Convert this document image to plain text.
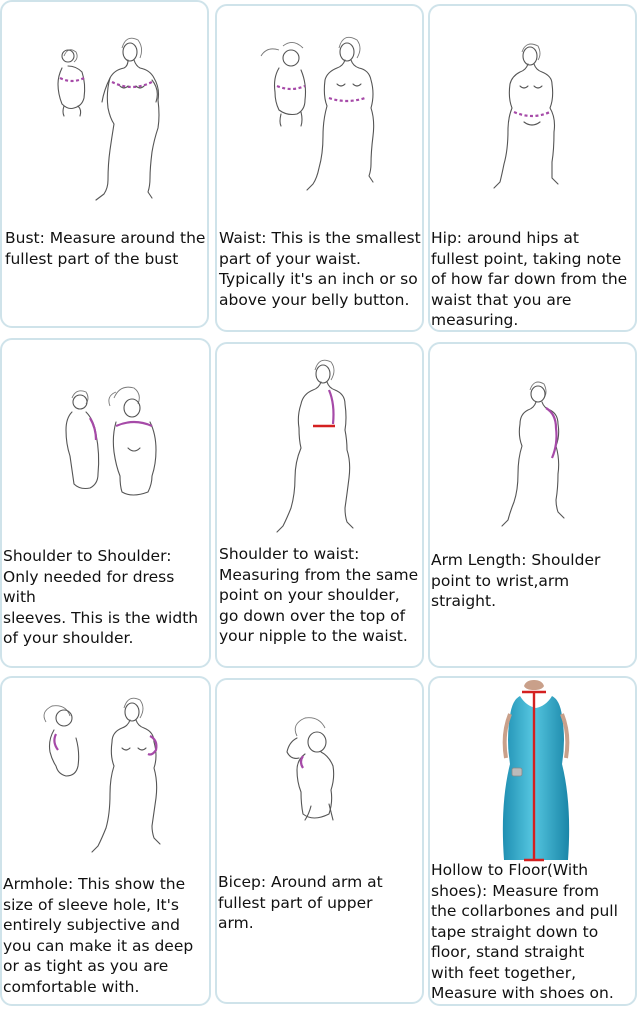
Bust: Measure around the
fullest part of the bust

Waist: This is the smallest
part of your waist.
Typically it's an inch or so
above your belly button.

Hip: around hips at
fullest point, taking note
of how far down from the
waist that you are
measuring.

Shoulder to Shoulder:
Only needed for dress with
sleeves. This is the width
of your shoulder.

Shoulder to waist:
Measuring from the same
point on your shoulder,
go down over the top of
your nipple to the waist.

Arm Length: Shoulder
point to wrist,arm
straight.

Armhole: This show the
size of sleeve hole, It's
entirely subjective and
you can make it as deep
or as tight as you are
comfortable with.

Bicep: Around arm at
fullest part of upper
arm.

Hollow to Floor(With
shoes): Measure from
the collarbones and pull
tape straight down to
floor, stand straight
with feet together,
Measure with shoes on.
